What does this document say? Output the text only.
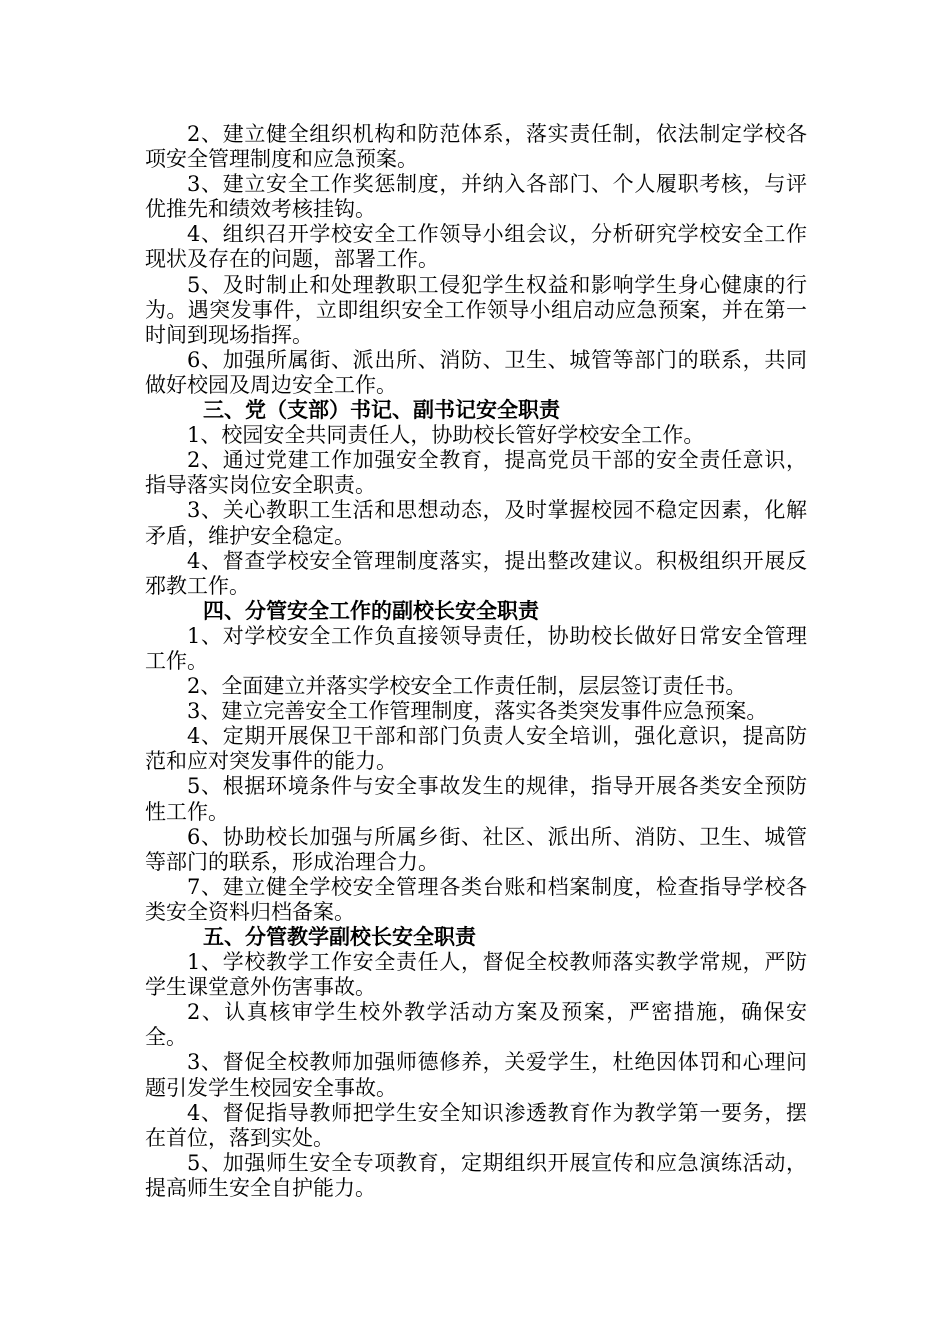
2、建立健全组织机构和防范体系，落实责任制，依法制定学校各项安全管理制度和应急预案。

3、建立安全工作奖惩制度，并纳入各部门、个人履职考核，与评优推先和绩效考核挂钩。

4、组织召开学校安全工作领导小组会议，分析研究学校安全工作现状及存在的问题，部署工作。

5、及时制止和处理教职工侵犯学生权益和影响学生身心健康的行为。遇突发事件，立即组织安全工作领导小组启动应急预案，并在第一时间到现场指挥。

6、加强所属街、派出所、消防、卫生、城管等部门的联系，共同做好校园及周边安全工作。

三、党（支部）书记、副书记安全职责

1、校园安全共同责任人，协助校长管好学校安全工作。

2、通过党建工作加强安全教育，提高党员干部的安全责任意识，指导落实岗位安全职责。

3、关心教职工生活和思想动态，及时掌握校园不稳定因素，化解矛盾，维护安全稳定。

4、督查学校安全管理制度落实，提出整改建议。积极组织开展反邪教工作。

四、分管安全工作的副校长安全职责

1、对学校安全工作负直接领导责任，协助校长做好日常安全管理工作。

2、全面建立并落实学校安全工作责任制，层层签订责任书。

3、建立完善安全工作管理制度，落实各类突发事件应急预案。

4、定期开展保卫干部和部门负责人安全培训，强化意识，提高防范和应对突发事件的能力。

5、根据环境条件与安全事故发生的规律，指导开展各类安全预防性工作。

6、协助校长加强与所属乡街、社区、派出所、消防、卫生、城管等部门的联系，形成治理合力。

7、建立健全学校安全管理各类台账和档案制度，检查指导学校各类安全资料归档备案。

五、分管教学副校长安全职责

1、学校教学工作安全责任人，督促全校教师落实教学常规，严防学生课堂意外伤害事故。

2、认真核审学生校外教学活动方案及预案，严密措施，确保安全。

3、督促全校教师加强师德修养，关爱学生，杜绝因体罚和心理问题引发学生校园安全事故。

4、督促指导教师把学生安全知识渗透教育作为教学第一要务，摆在首位，落到实处。

5、加强师生安全专项教育，定期组织开展宣传和应急演练活动，提高师生安全自护能力。
